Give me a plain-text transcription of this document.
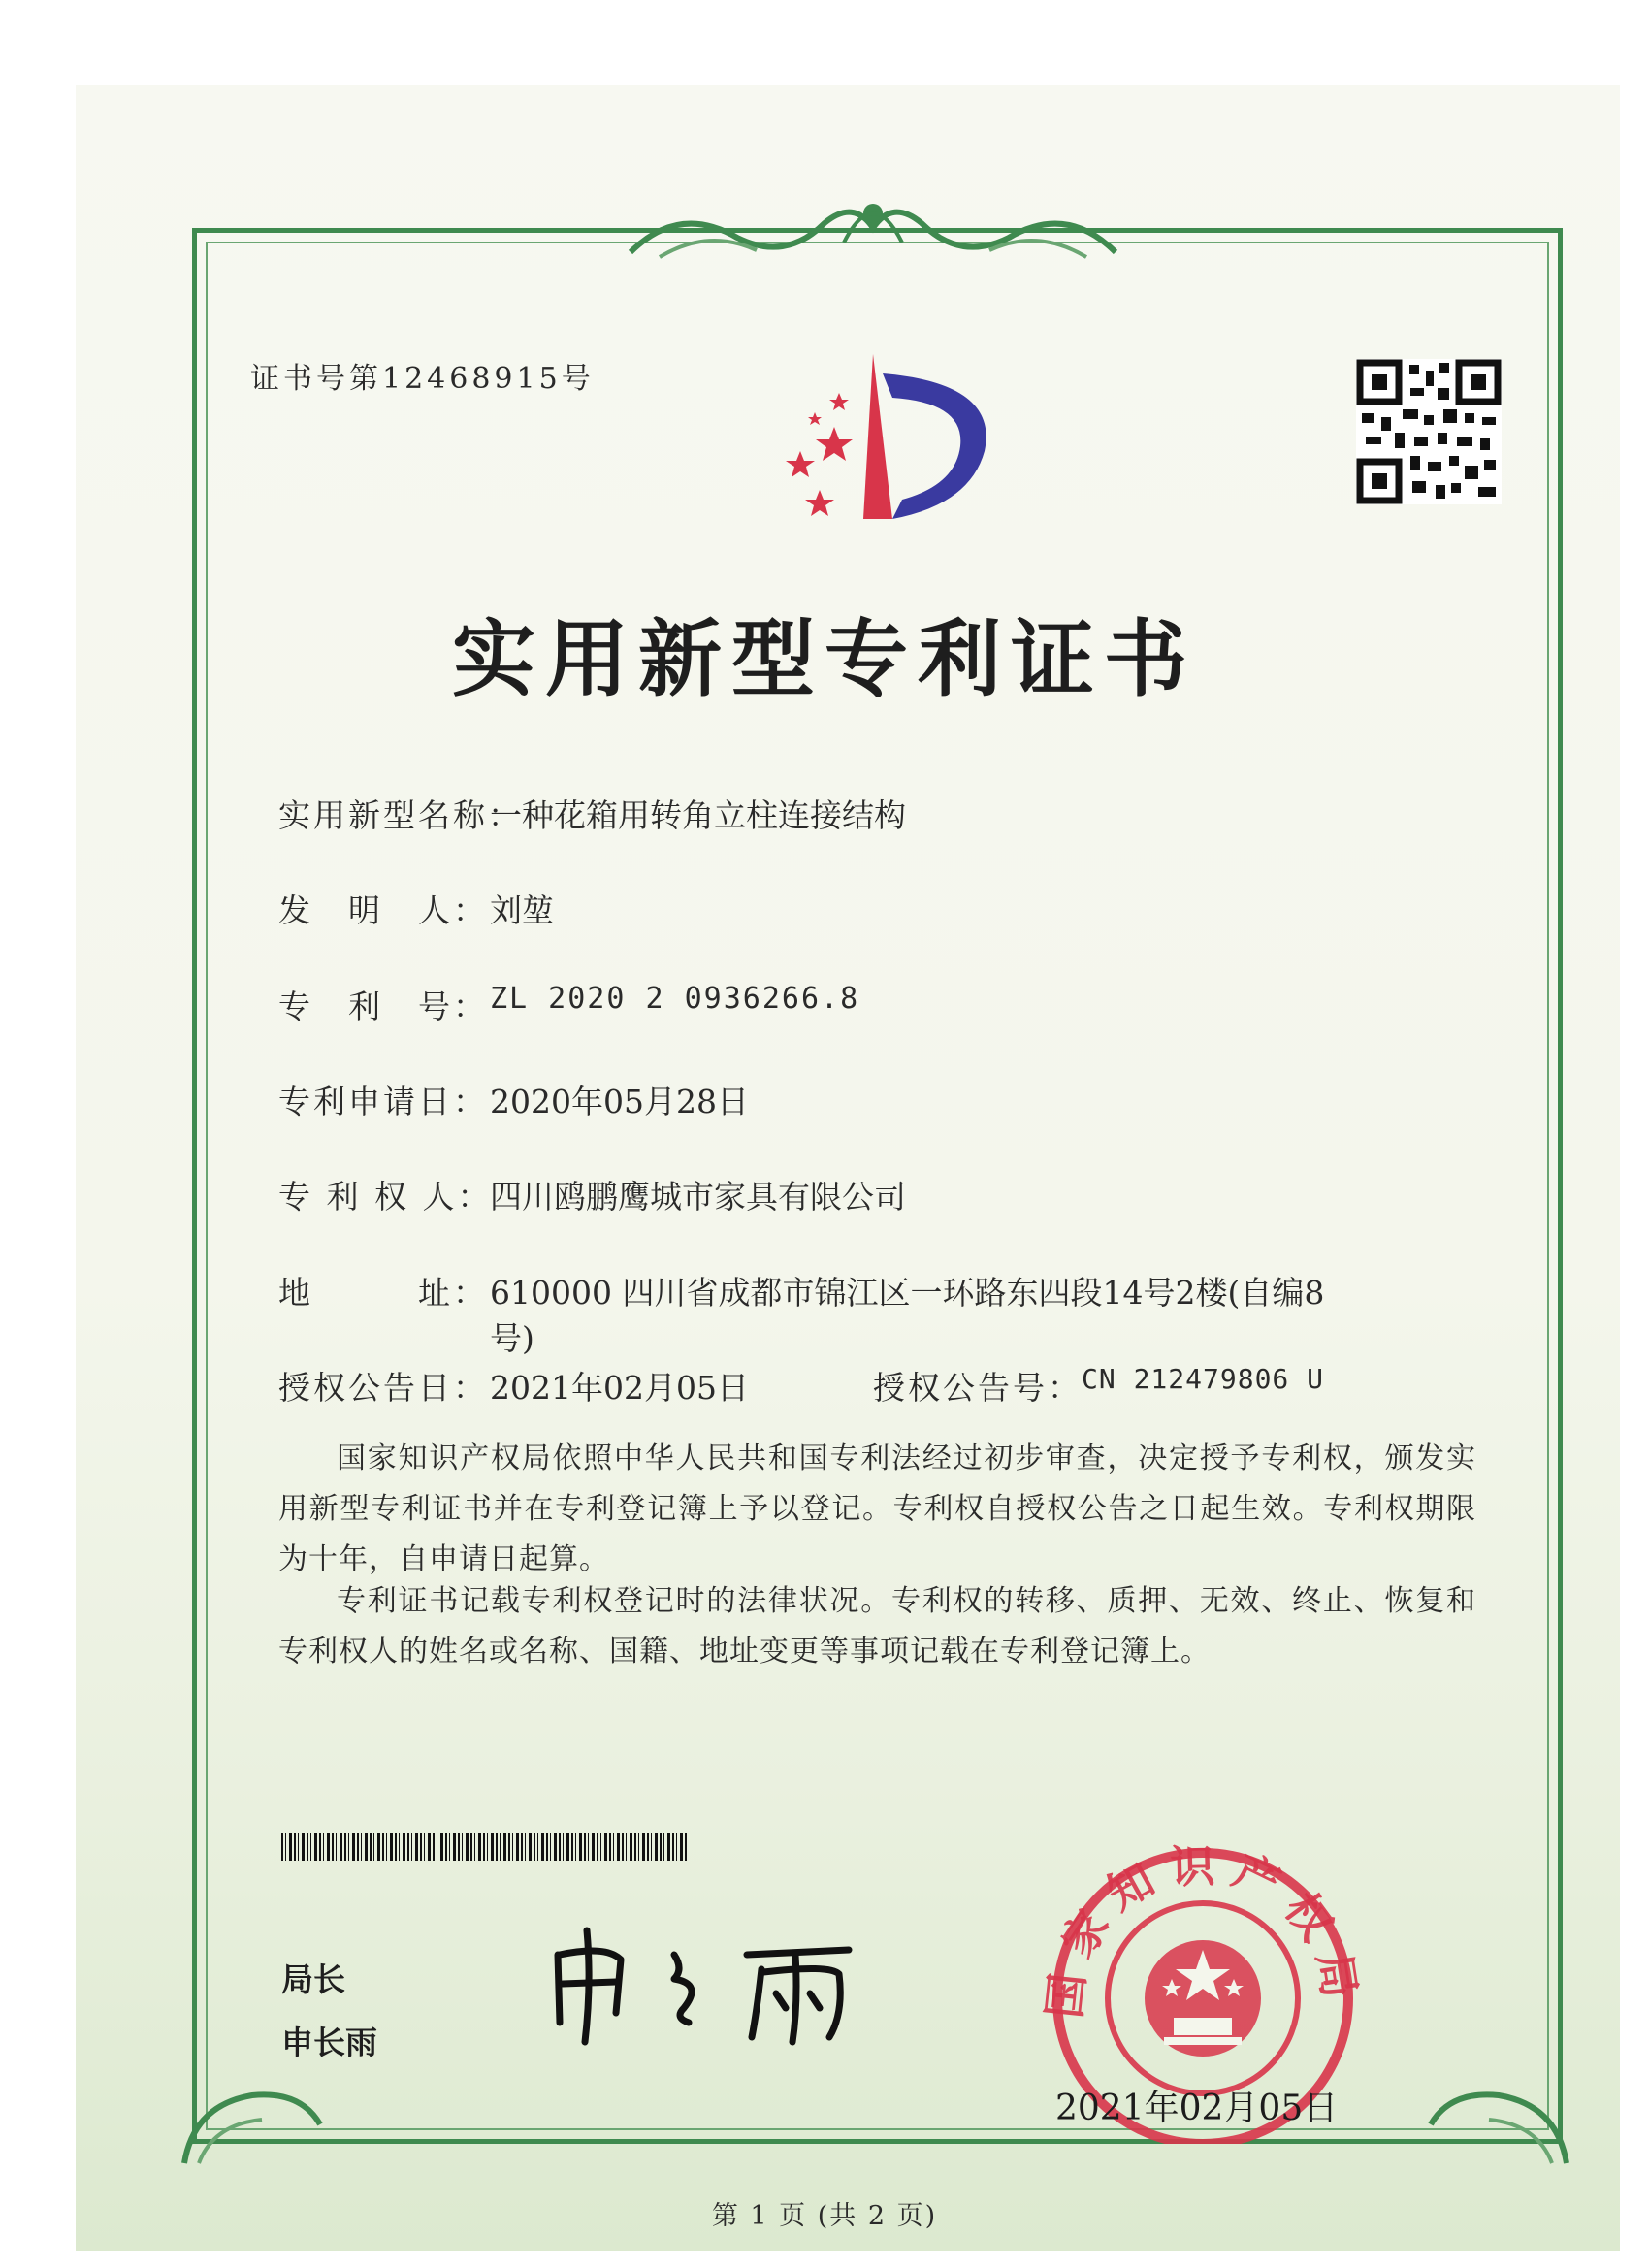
证书号第12468915号
实用新型专利证书
实用新型名称：
一种花箱用转角立柱连接结构
发　明　人： 刘堃
专　利　号： ZL 2020 2 0936266.8
专利申请日： 2020年05月28日
专 利 权 人：
四川鸥鹏鹰城市家具有限公司
地　　　址： 610000 四川省成都市锦江区一环路东四段14号2楼(自编8
号)
授权公告日： 2021年02月05日	授权公告号： CN 212479806 U
国家知识产权局依照中华人民共和国专利法经过初步审查，决定授予专利权，颁发实用新型专利证书并在专利登记簿上予以登记。专利权自授权公告之日起生效。专利权期限为十年，自申请日起算。
专利证书记载专利权登记时的法律状况。专利权的转移、质押、无效、终止、恢复和专利权人的姓名或名称、国籍、地址变更等事项记载在专利登记簿上。
局长
申长雨
国家知识产权局
2021年02月05日
第 1 页 (共 2 页)
